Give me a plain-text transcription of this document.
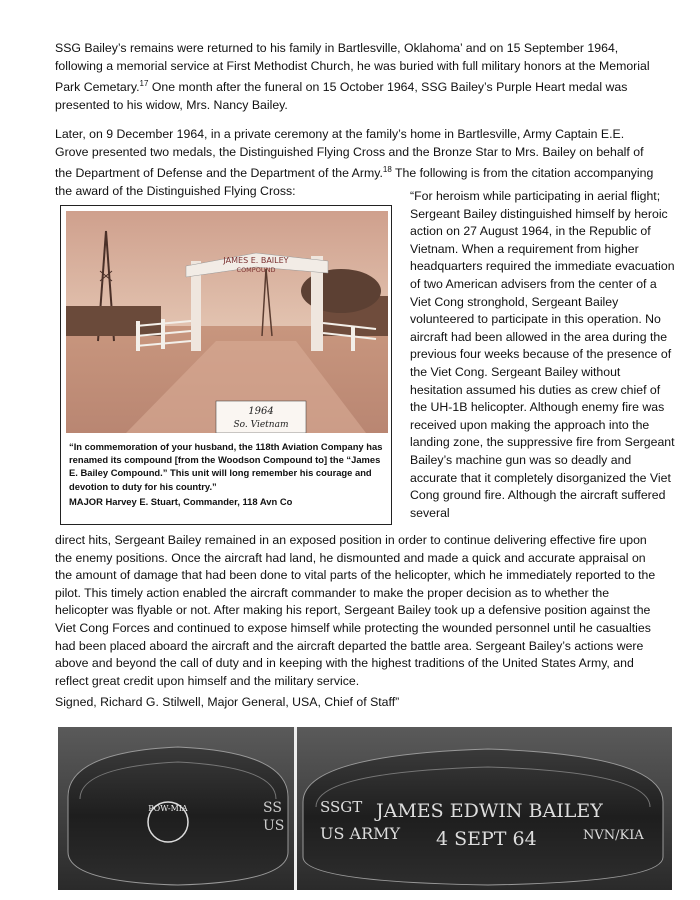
SSG Bailey’s remains were returned to his family in Bartlesville, Oklahoma’ and on 15 September 1964, following a memorial service at First Methodist Church, he was buried with full military honors at the Memorial Park Cemetary.$^{17}$ One month after the funeral on 15 October 1964, SSG Bailey’s Purple Heart medal was presented to his widow, Mrs. Nancy Bailey.

Later, on 9 December 1964, in a private ceremony at the family’s home in Bartlesville, Army Captain E.E. Grove presented two medals, the Distinguished Flying Cross and the Bronze Star to Mrs. Bailey on behalf of the Department of Defense and the Department of the Army.$^{18}$ The following is from the citation accompanying the award of the Distinguished Flying Cross:	“For heroism while participating in aerial flight; Sergeant Bailey distinguished himself by heroic action on 27 August 1964, in the Republic of Vietnam. When a requirement from higher headquarters required the immediate evacuation of two American advisers from the center of a Viet Cong stronghold, Sergeant Bailey volunteered to participate in this operation. No aircraft had been allowed in the area during the previous four weeks because of the presence of the Viet Cong. Sergeant Bailey without hesitation assumed his duties as crew chief of the UH-1B helicopter. Although enemy fire was received upon making the approach into the landing zone, the suppressive fire from Sergeant Bailey’s machine gun was so deadly and accurate that it completely disorganized the Viet Cong ground fire. Although the aircraft suffered several

direct hits, Sergeant Bailey remained in an exposed position in order to continue delivering effective fire upon the enemy positions. Once the aircraft had land, he dismounted and made a quick and accurate appraisal on the amount of damage that had been done to vital parts of the helicopter, which he immediately reported to the pilot. This timely action enabled the aircraft commander to make the proper decision as to whether the helicopter was flyable or not. After making his report, Sergeant Bailey took up a defensive position against the Viet Cong Forces and continued to expose himself while protecting the wounded personnel until he casualties had been placed aboard the aircraft and the aircraft departed the battle area. Sergeant Bailey’s actions were above and beyond the call of duty and in keeping with the highest traditions of the United States Army, and reflect great credit upon himself and the military service.

Signed, Richard G. Stilwell, Major General, USA, Chief of Staff”

JAMES E. BAILEY
COMPOUND
1964
So. Vietnam
“In commemoration of your husband, the 118th Aviation Company has renamed its compound [from the Woodson Compound to] the “James E. Bailey Compound.” This unit will long remember his courage and devotion to duty for his country.”
MAJOR Harvey E. Stuart, Commander, 118 Avn Co
POW-MIA	SS
US
SSGT JAMES EDWIN BAILEY
US ARMY 4 SEPT 64	NVN/KIA
